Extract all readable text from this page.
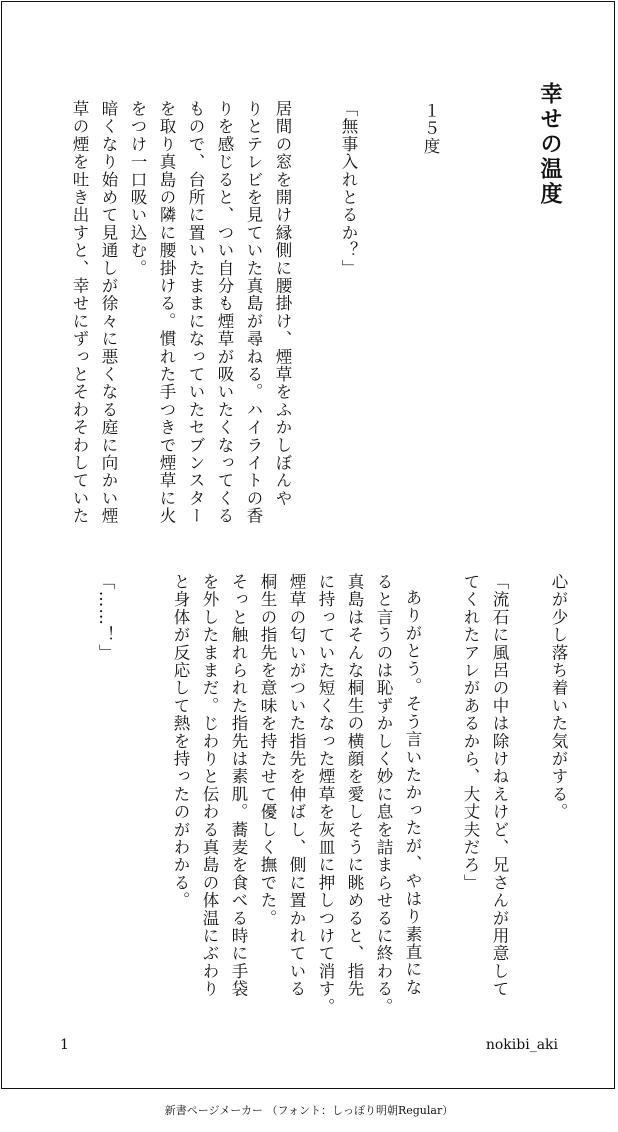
幸せの温度
１５度
「無事入れとるか？」
居間の窓を開け縁側に腰掛け、煙草をふかしぼんや
りとテレビを見ていた真島が尋ねる。ハイライトの香
りを感じると、つい自分も煙草が吸いたくなってくる
もので、台所に置いたままになっていたセブンスター
を取り真島の隣に腰掛ける。慣れた手つきで煙草に火
をつけ一口吸い込む。
暗くなり始めて見通しが徐々に悪くなる庭に向かい煙
草の煙を吐き出すと、幸せにずっとそわそわしていた
心が少し落ち着いた気がする。
「流石に風呂の中は除けねえけど、兄さんが用意して
てくれたアレがあるから、大丈夫だろ」
ありがとう。そう言いたかったが、やはり素直にな
ると言うのは恥ずかしく妙に息を詰まらせるに終わる。
真島はそんな桐生の横顔を愛しそうに眺めると、指先
に持っていた短くなった煙草を灰皿に押しつけて消す。
煙草の匂いがついた指先を伸ばし、側に置かれている
桐生の指先を意味を持たせて優しく撫でた。
そっと触れられた指先は素肌。蕎麦を食べる時に手袋
を外したままだ。じわりと伝わる真島の体温にぶわり
と身体が反応して熱を持ったのがわかる。
「……！」
1	nokibi_aki
新書ページメーカー （フォント：しっぽり明朝Regular）
